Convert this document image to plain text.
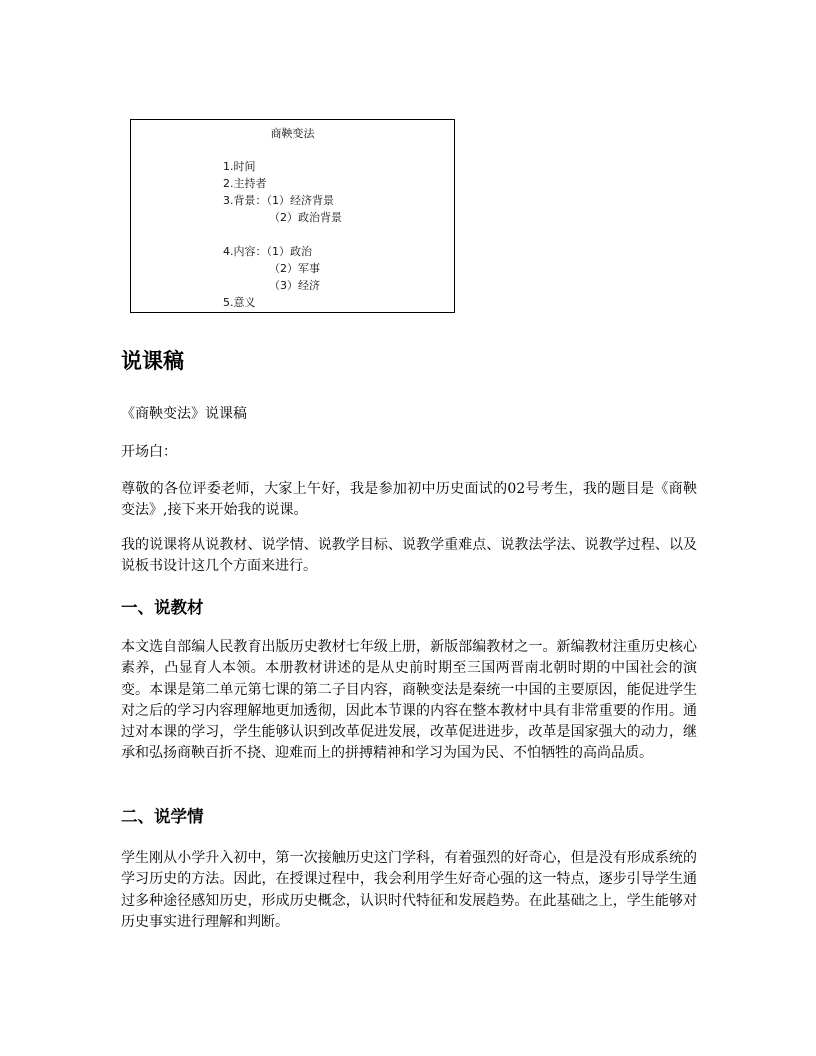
商鞅变法
1.时间
2.主持者
3.背景：（1）经济背景
（2）政治背景
4.内容：（1）政治
（2）军事
（3）经济
5.意义
说课稿

《商鞅变法》说课稿

开场白：

尊敬的各位评委老师，大家上午好，我是参加初中历史面试的02号考生，我的题目是《商鞅变法》,接下来开始我的说课。

我的说课将从说教材、说学情、说教学目标、说教学重难点、说教法学法、说教学过程、以及说板书设计这几个方面来进行。

一、说教材

本文选自部编人民教育出版历史教材七年级上册，新版部编教材之一。新编教材注重历史核心素养，凸显育人本领。本册教材讲述的是从史前时期至三国两晋南北朝时期的中国社会的演变。本课是第二单元第七课的第二子目内容，商鞅变法是秦统一中国的主要原因，能促进学生对之后的学习内容理解地更加透彻，因此本节课的内容在整本教材中具有非常重要的作用。通过对本课的学习，学生能够认识到改革促进发展，改革促进进步，改革是国家强大的动力，继承和弘扬商鞅百折不挠、迎难而上的拼搏精神和学习为国为民、不怕牺牲的高尚品质。

二、说学情

学生刚从小学升入初中，第一次接触历史这门学科，有着强烈的好奇心，但是没有形成系统的学习历史的方法。因此，在授课过程中，我会利用学生好奇心强的这一特点，逐步引导学生通过多种途径感知历史，形成历史概念，认识时代特征和发展趋势。在此基础之上，学生能够对历史事实进行理解和判断。
